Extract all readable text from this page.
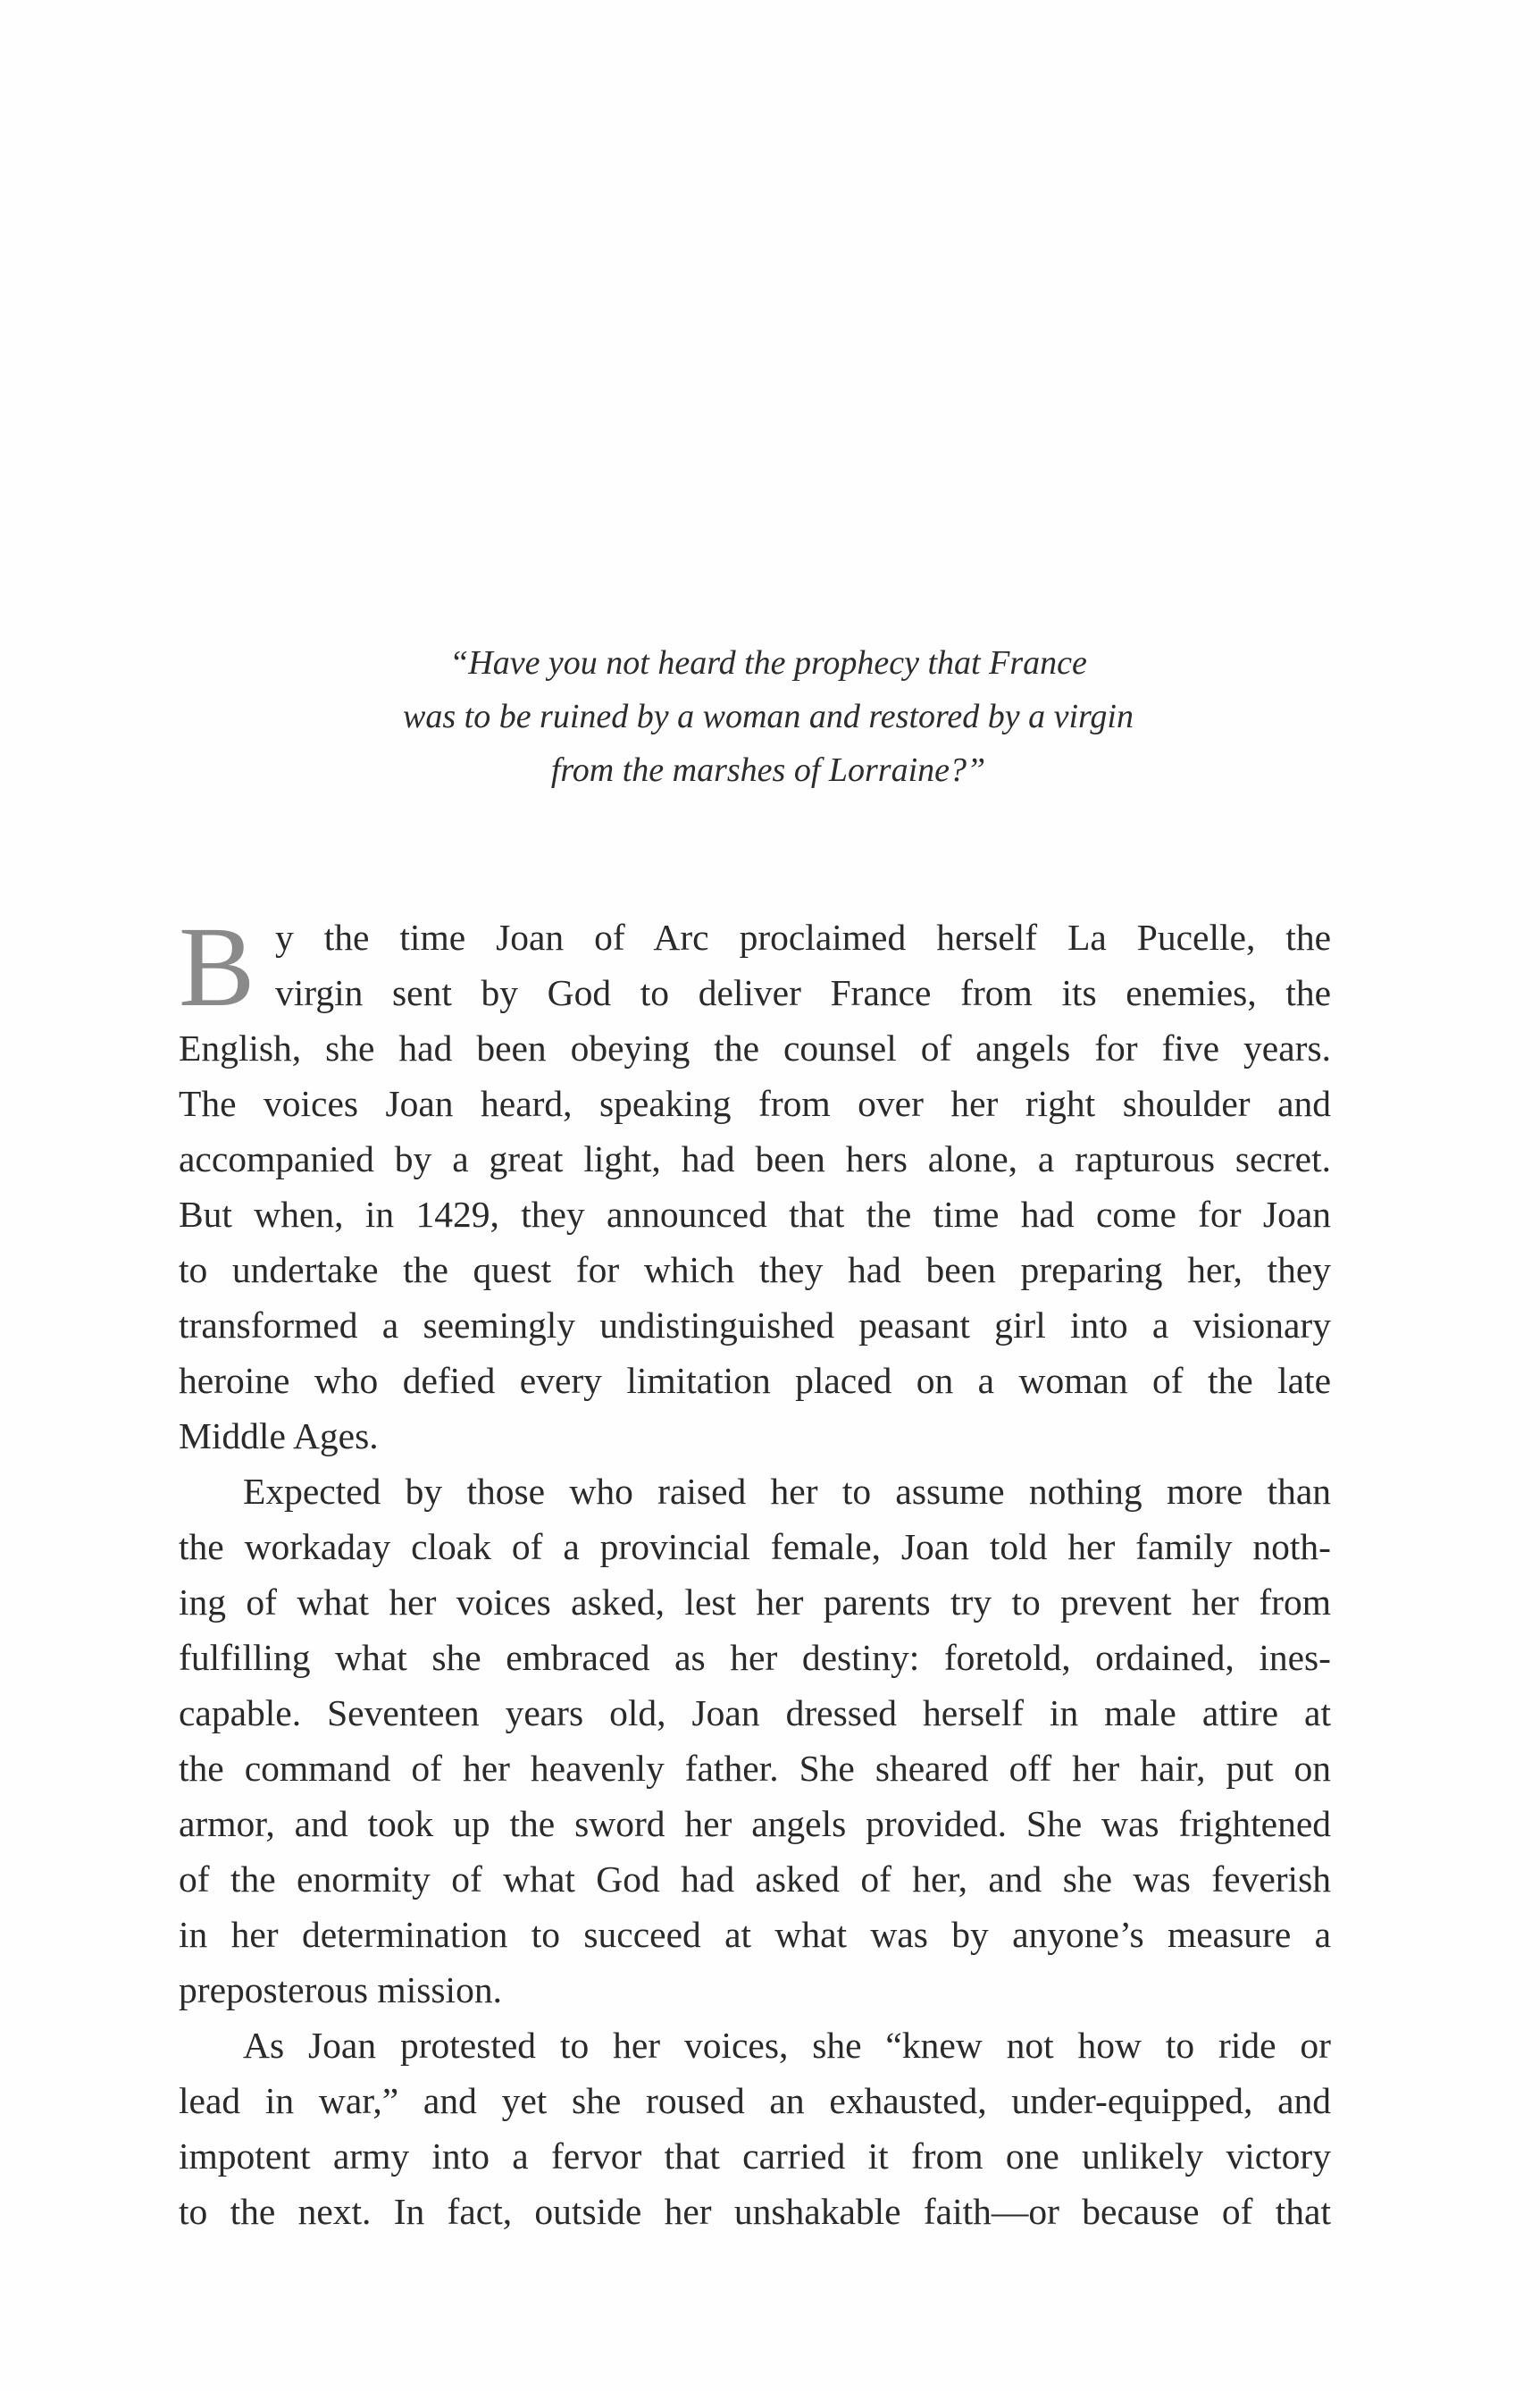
“Have you not heard the prophecy that France
was to be ruined by a woman and restored by a virgin
from the marshes of Lorraine?”
B y the time Joan of Arc proclaimed herself La Pucelle, the
virgin sent by God to deliver France from its enemies, the
English, she had been obeying the counsel of angels for five years.
The voices Joan heard, speaking from over her right shoulder and
accompanied by a great light, had been hers alone, a rapturous secret.
But when, in 1429, they announced that the time had come for Joan
to undertake the quest for which they had been preparing her, they
transformed a seemingly undistinguished peasant girl into a visionary
heroine who defied every limitation placed on a woman of the late
Middle Ages.
Expected by those who raised her to assume nothing more than
the workaday cloak of a provincial female, Joan told her family noth-
ing of what her voices asked, lest her parents try to prevent her from
fulfilling what she embraced as her destiny: foretold, ordained, ines-
capable. Seventeen years old, Joan dressed herself in male attire at
the command of her heavenly father. She sheared off her hair, put on
armor, and took up the sword her angels provided. She was frightened
of the enormity of what God had asked of her, and she was feverish
in her determination to succeed at what was by anyone’s measure a
preposterous mission.
As Joan protested to her voices, she “knew not how to ride or
lead in war,” and yet she roused an exhausted, under-equipped, and
impotent army into a fervor that carried it from one unlikely victory
to the next. In fact, outside her unshakable faith—or because of that
